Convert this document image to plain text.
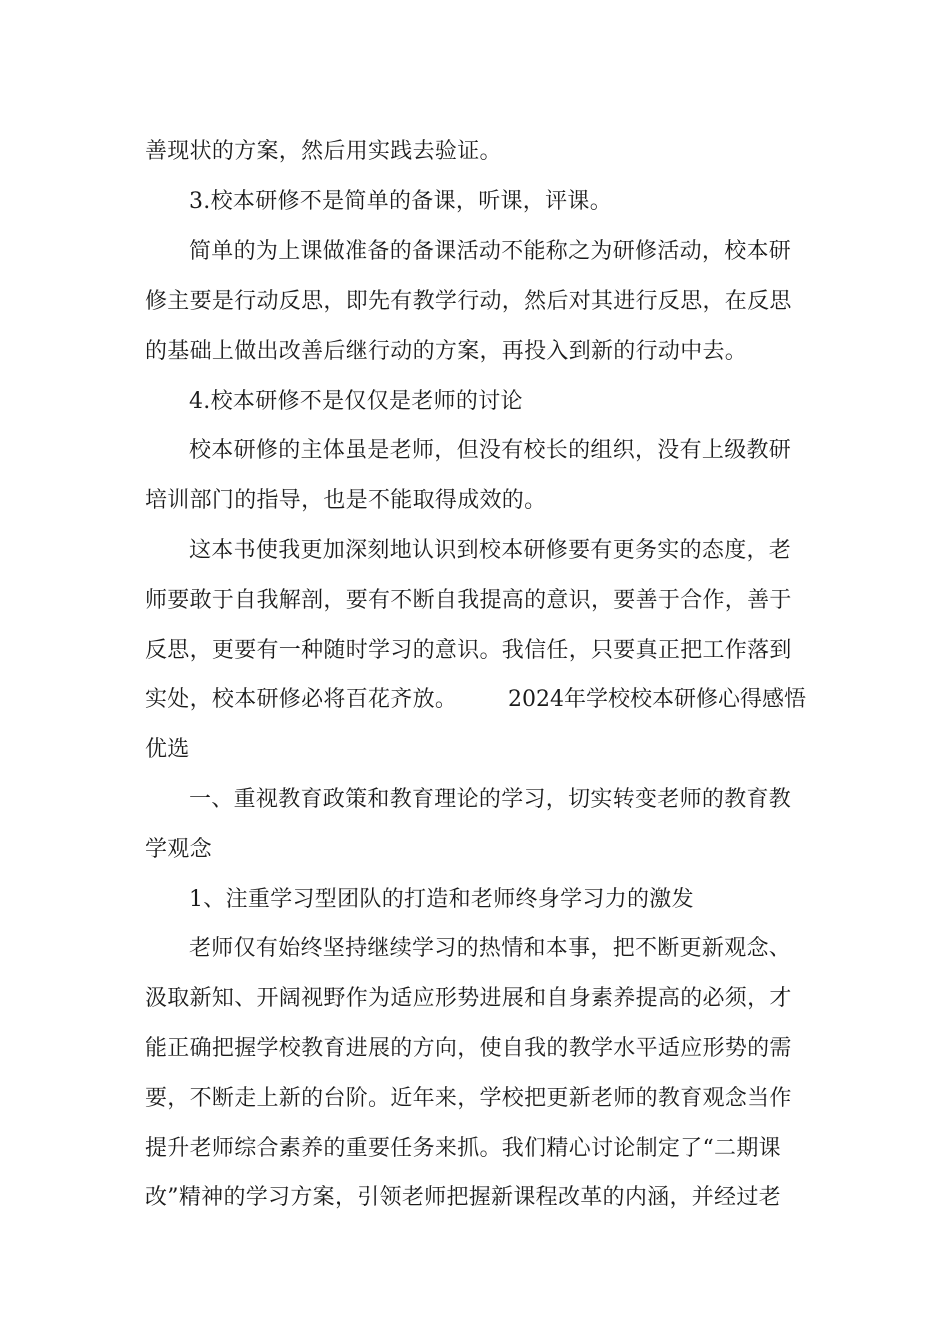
善现状的方案，然后用实践去验证。
3.校本研修不是简单的备课，听课，评课。
简单的为上课做准备的备课活动不能称之为研修活动，校本研
修主要是行动反思，即先有教学行动，然后对其进行反思，在反思
的基础上做出改善后继行动的方案，再投入到新的行动中去。
4.校本研修不是仅仅是老师的讨论
校本研修的主体虽是老师，但没有校长的组织，没有上级教研
培训部门的指导，也是不能取得成效的。
这本书使我更加深刻地认识到校本研修要有更务实的态度，老
师要敢于自我解剖，要有不断自我提高的意识，要善于合作，善于
反思，更要有一种随时学习的意识。我信任，只要真正把工作落到
实处，校本研修必将百花齐放。 2024年学校校本研修心得感悟
优选
一、重视教育政策和教育理论的学习，切实转变老师的教育教
学观念
1、注重学习型团队的打造和老师终身学习力的激发
老师仅有始终坚持继续学习的热情和本事，把不断更新观念、
汲取新知、开阔视野作为适应形势进展和自身素养提高的必须，才
能正确把握学校教育进展的方向，使自我的教学水平适应形势的需
要，不断走上新的台阶。近年来，学校把更新老师的教育观念当作
提升老师综合素养的重要任务来抓。我们精心讨论制定了“二期课
改”精神的学习方案，引领老师把握新课程改革的内涵，并经过老
